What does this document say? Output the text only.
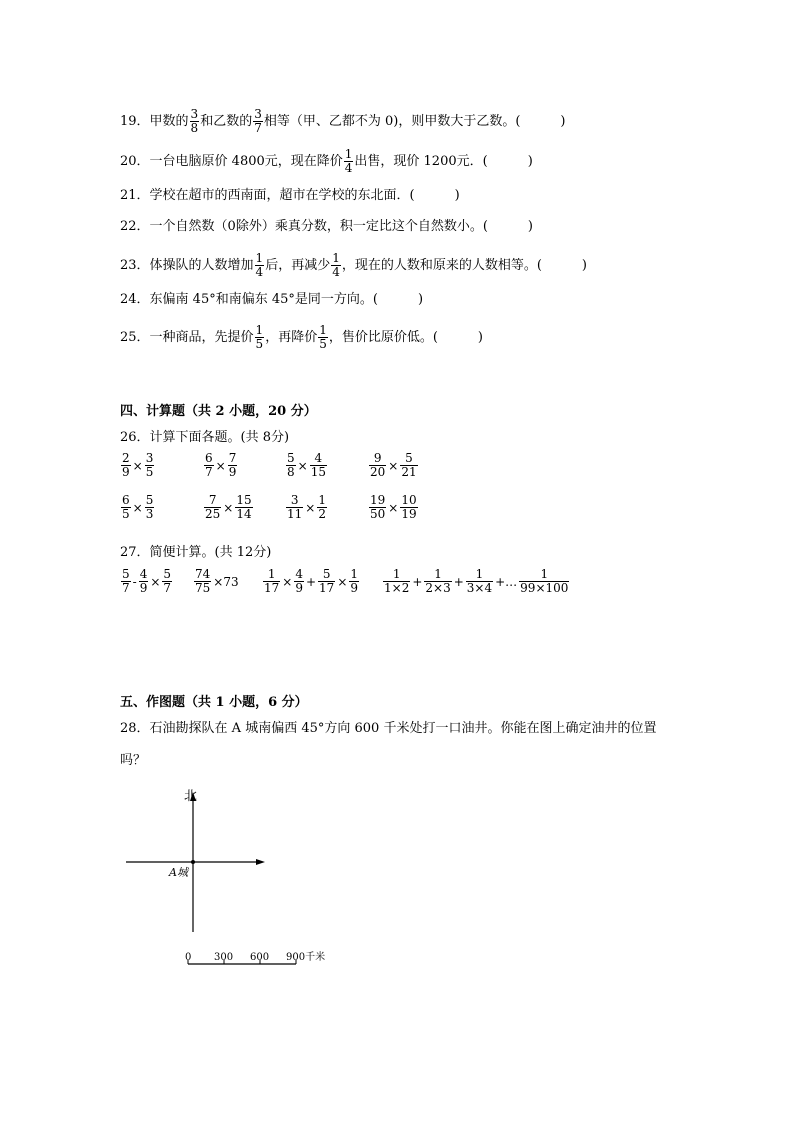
19．甲数的 $\frac{3}{8}$ 和乙数的 $\frac{3}{7}$ 相等（甲、乙都不为 0)，则甲数大于乙数。(	)
20．一台电脑原价 4800元，现在降价 $\frac{1}{4}$ 出售，现价 1200元．(	)
21．学校在超市的西南面，超市在学校的东北面．(	)
22．一个自然数（0除外）乘真分数，积一定比这个自然数小。(	)
23．体操队的人数增加 $\frac{1}{4}$ 后，再减少 $\frac{1}{4}$ ，现在的人数和原来的人数相等。(	)
24．东偏南 45°和南偏东 45°是同一方向。(	)
25．一种商品，先提价 $\frac{1}{5}$ ，再降价 $\frac{1}{5}$ ，售价比原价低。(	)
四、计算题（共 2 小题，20 分）
26．计算下面各题。(共 8分)
$\frac{2}{9} \times \frac{3}{5}$	$\frac{6}{7} \times \frac{7}{9}$	$\frac{5}{8} \times \frac{4}{15}$	$\frac{9}{20} \times \frac{5}{21}$
$\frac{6}{5} \times \frac{5}{3}$	$\frac{7}{25} \times \frac{15}{14}$	$\frac{3}{11} \times \frac{1}{2}$	$\frac{19}{50} \times \frac{10}{19}$
27．简便计算。(共 12分)
$\frac{5}{7} - \frac{4}{9} \times \frac{5}{7} \frac{74}{75} \times 73 \frac{1}{17} \times \frac{4}{9} + \frac{5}{17} \times \frac{1}{9} \frac{1}{1\times 2} + \frac{1}{2\times 3} + \frac{1}{3\times 4}$ +… $\frac{1}{99\times 100}$
五、作图题（共 1 小题，6 分）
28．石油勘探队在 A 城南偏西 45°方向 600 千米处打一口油井。你能在图上确定油井的位置
吗？
北
A城
0 300 600 900千米
